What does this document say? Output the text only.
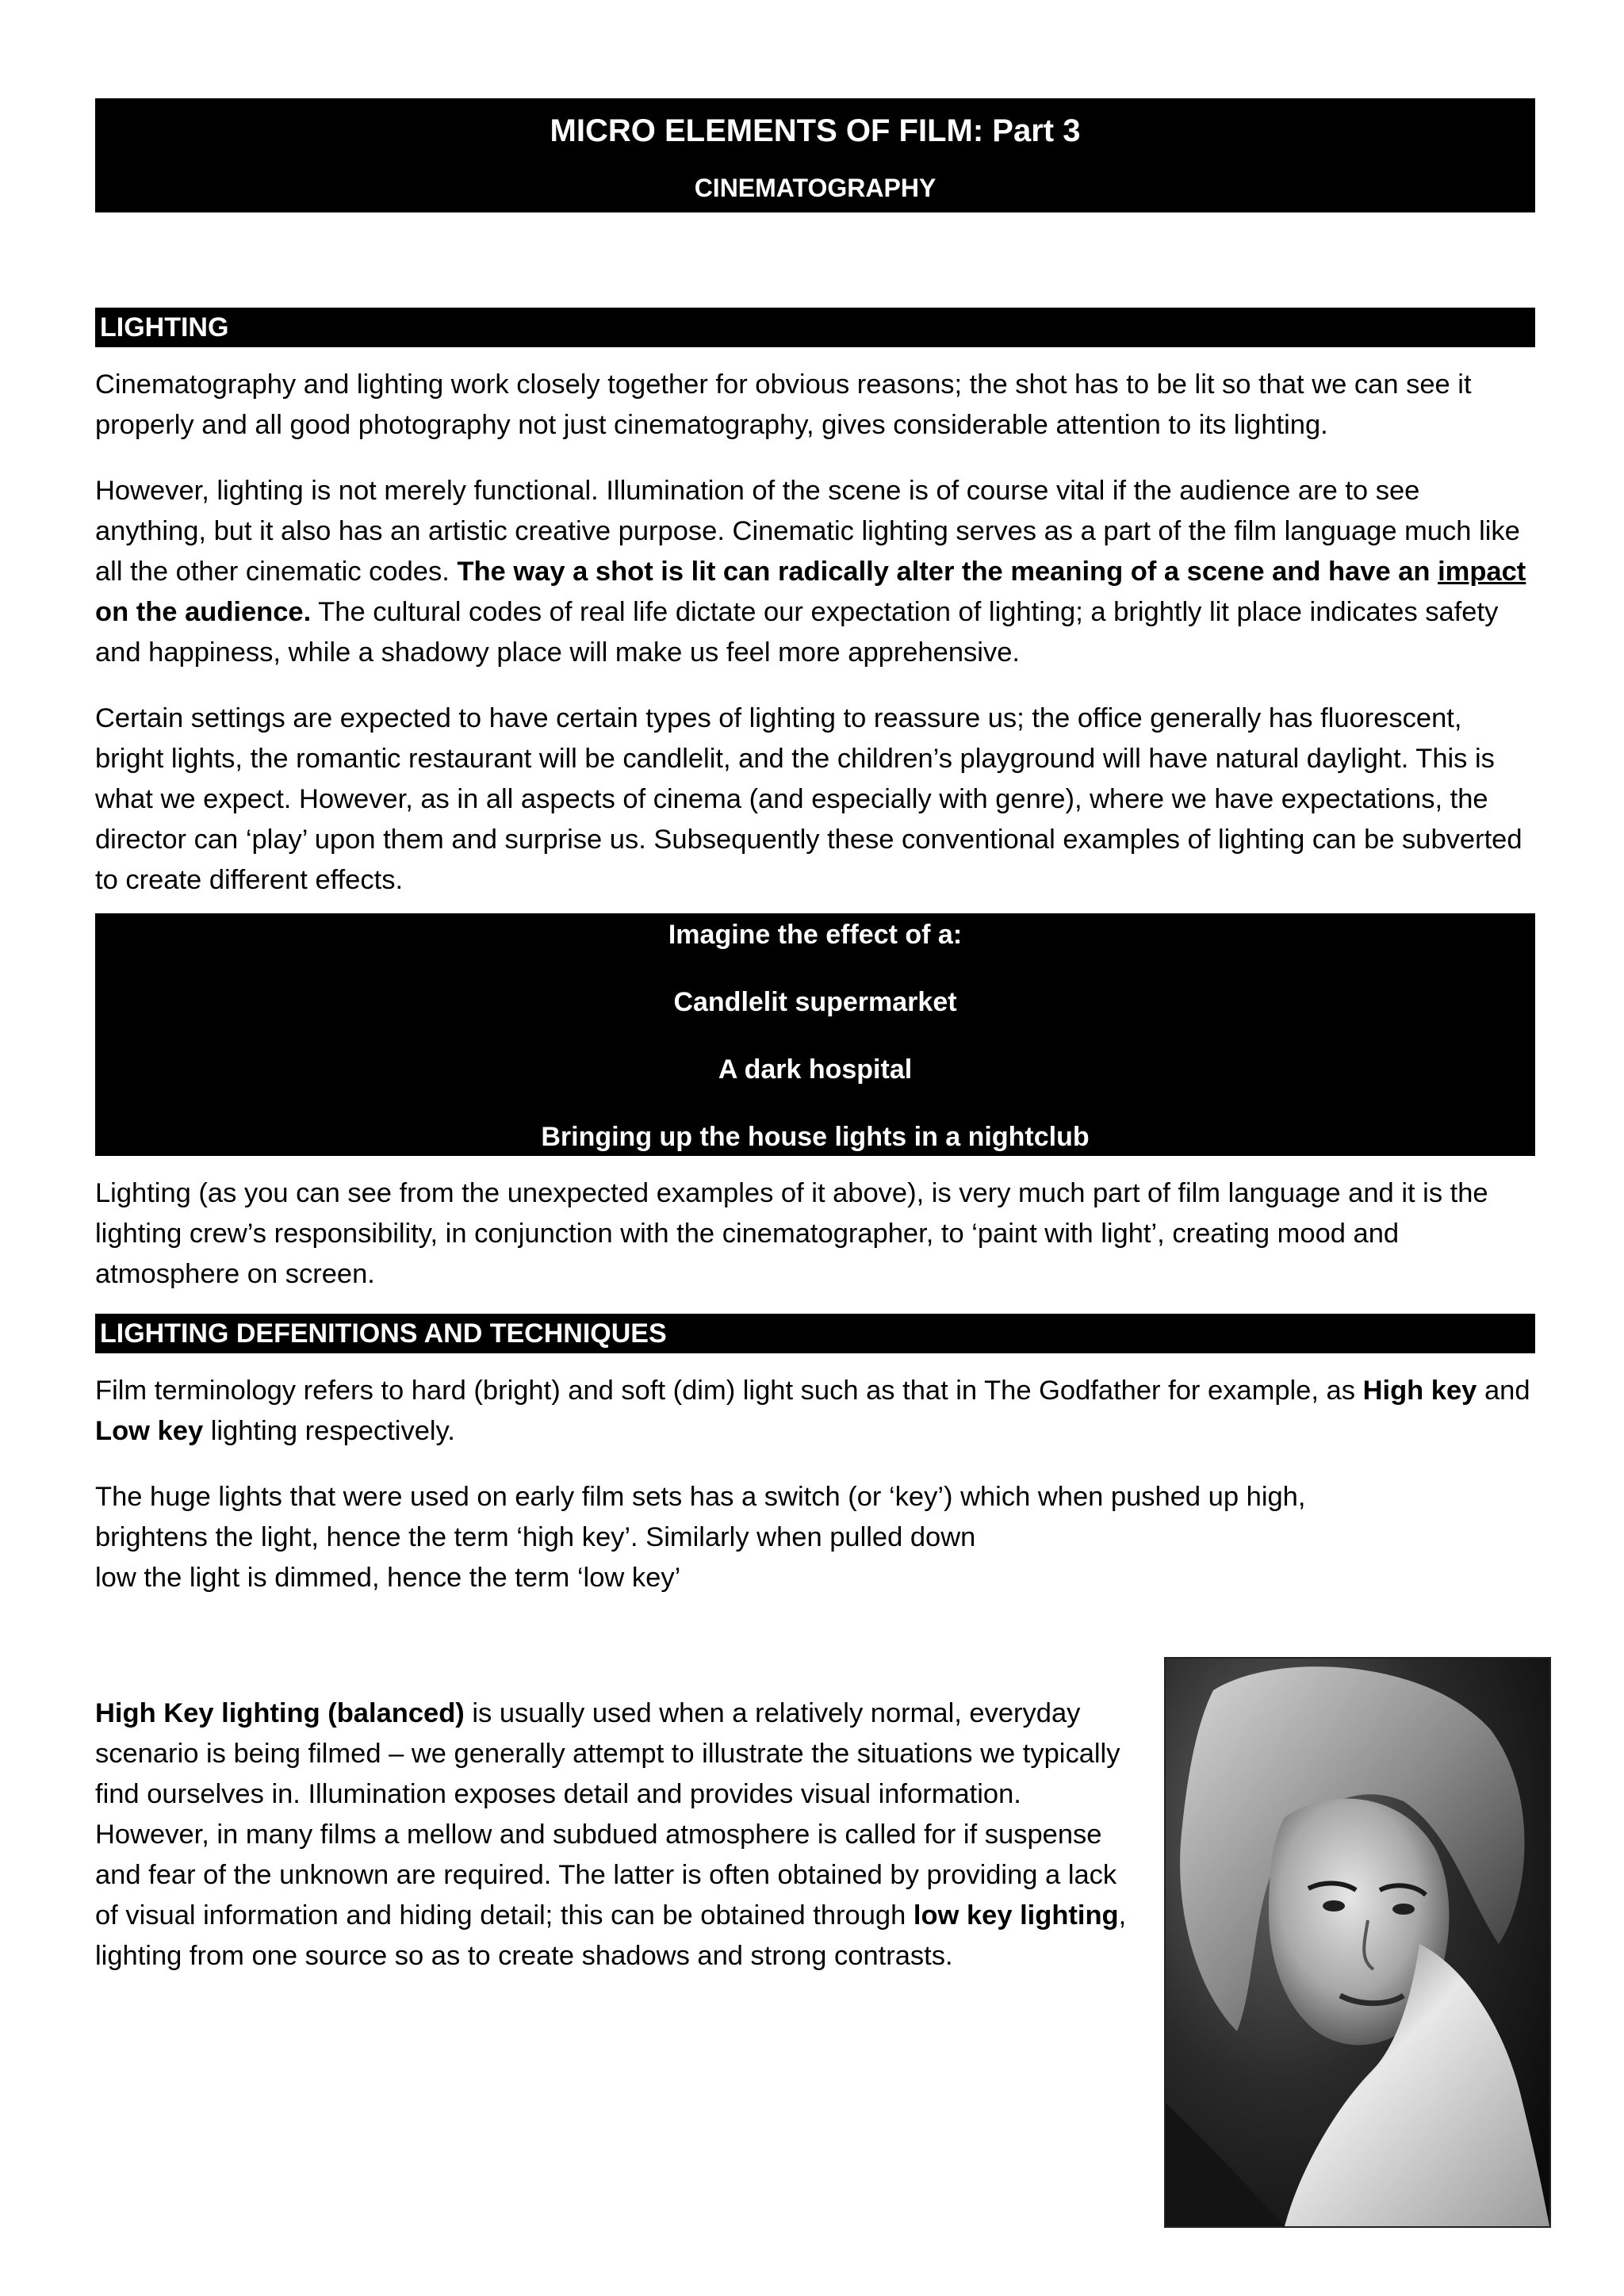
MICRO ELEMENTS OF FILM: Part 3
CINEMATOGRAPHY
LIGHTING

Cinematography and lighting work closely together for obvious reasons; the shot has to be lit so that we can see it properly and all good photography not just cinematography, gives considerable attention to its lighting.

However, lighting is not merely functional. Illumination of the scene is of course vital if the audience are to see anything, but it also has an artistic creative purpose. Cinematic lighting serves as a part of the film language much like all the other cinematic codes. The way a shot is lit can radically alter the meaning of a scene and have an impact on the audience. The cultural codes of real life dictate our expectation of lighting; a brightly lit place indicates safety and happiness, while a shadowy place will make us feel more apprehensive.

Certain settings are expected to have certain types of lighting to reassure us; the office generally has fluorescent, bright lights, the romantic restaurant will be candlelit, and the children’s playground will have natural daylight. This is what we expect. However, as in all aspects of cinema (and especially with genre), where we have expectations, the director can ‘play’ upon them and surprise us. Subsequently these conventional examples of lighting can be subverted to create different effects.

Imagine the effect of a:
Candlelit supermarket
A dark hospital
Bringing up the house lights in a nightclub

Lighting (as you can see from the unexpected examples of it above), is very much part of film language and it is the lighting crew’s responsibility, in conjunction with the cinematographer, to ‘paint with light’, creating mood and atmosphere on screen.

LIGHTING DEFENITIONS AND TECHNIQUES

Film terminology refers to hard (bright) and soft (dim) light such as that in The Godfather for example, as High key and Low key lighting respectively.

The huge lights that were used on early film sets has a switch (or ‘key’) which when pushed up high,
brightens the light, hence the term ‘high key’. Similarly when pulled down
low the light is dimmed, hence the term ‘low key’

High Key lighting (balanced) is usually used when a relatively normal, everyday scenario is being filmed – we generally attempt to illustrate the situations we typically find ourselves in. Illumination exposes detail and provides visual information. However, in many films a mellow and subdued atmosphere is called for if suspense and fear of the unknown are required. The latter is often obtained by providing a lack of visual information and hiding detail; this can be obtained through low key lighting, lighting from one source so as to create shadows and strong contrasts.
